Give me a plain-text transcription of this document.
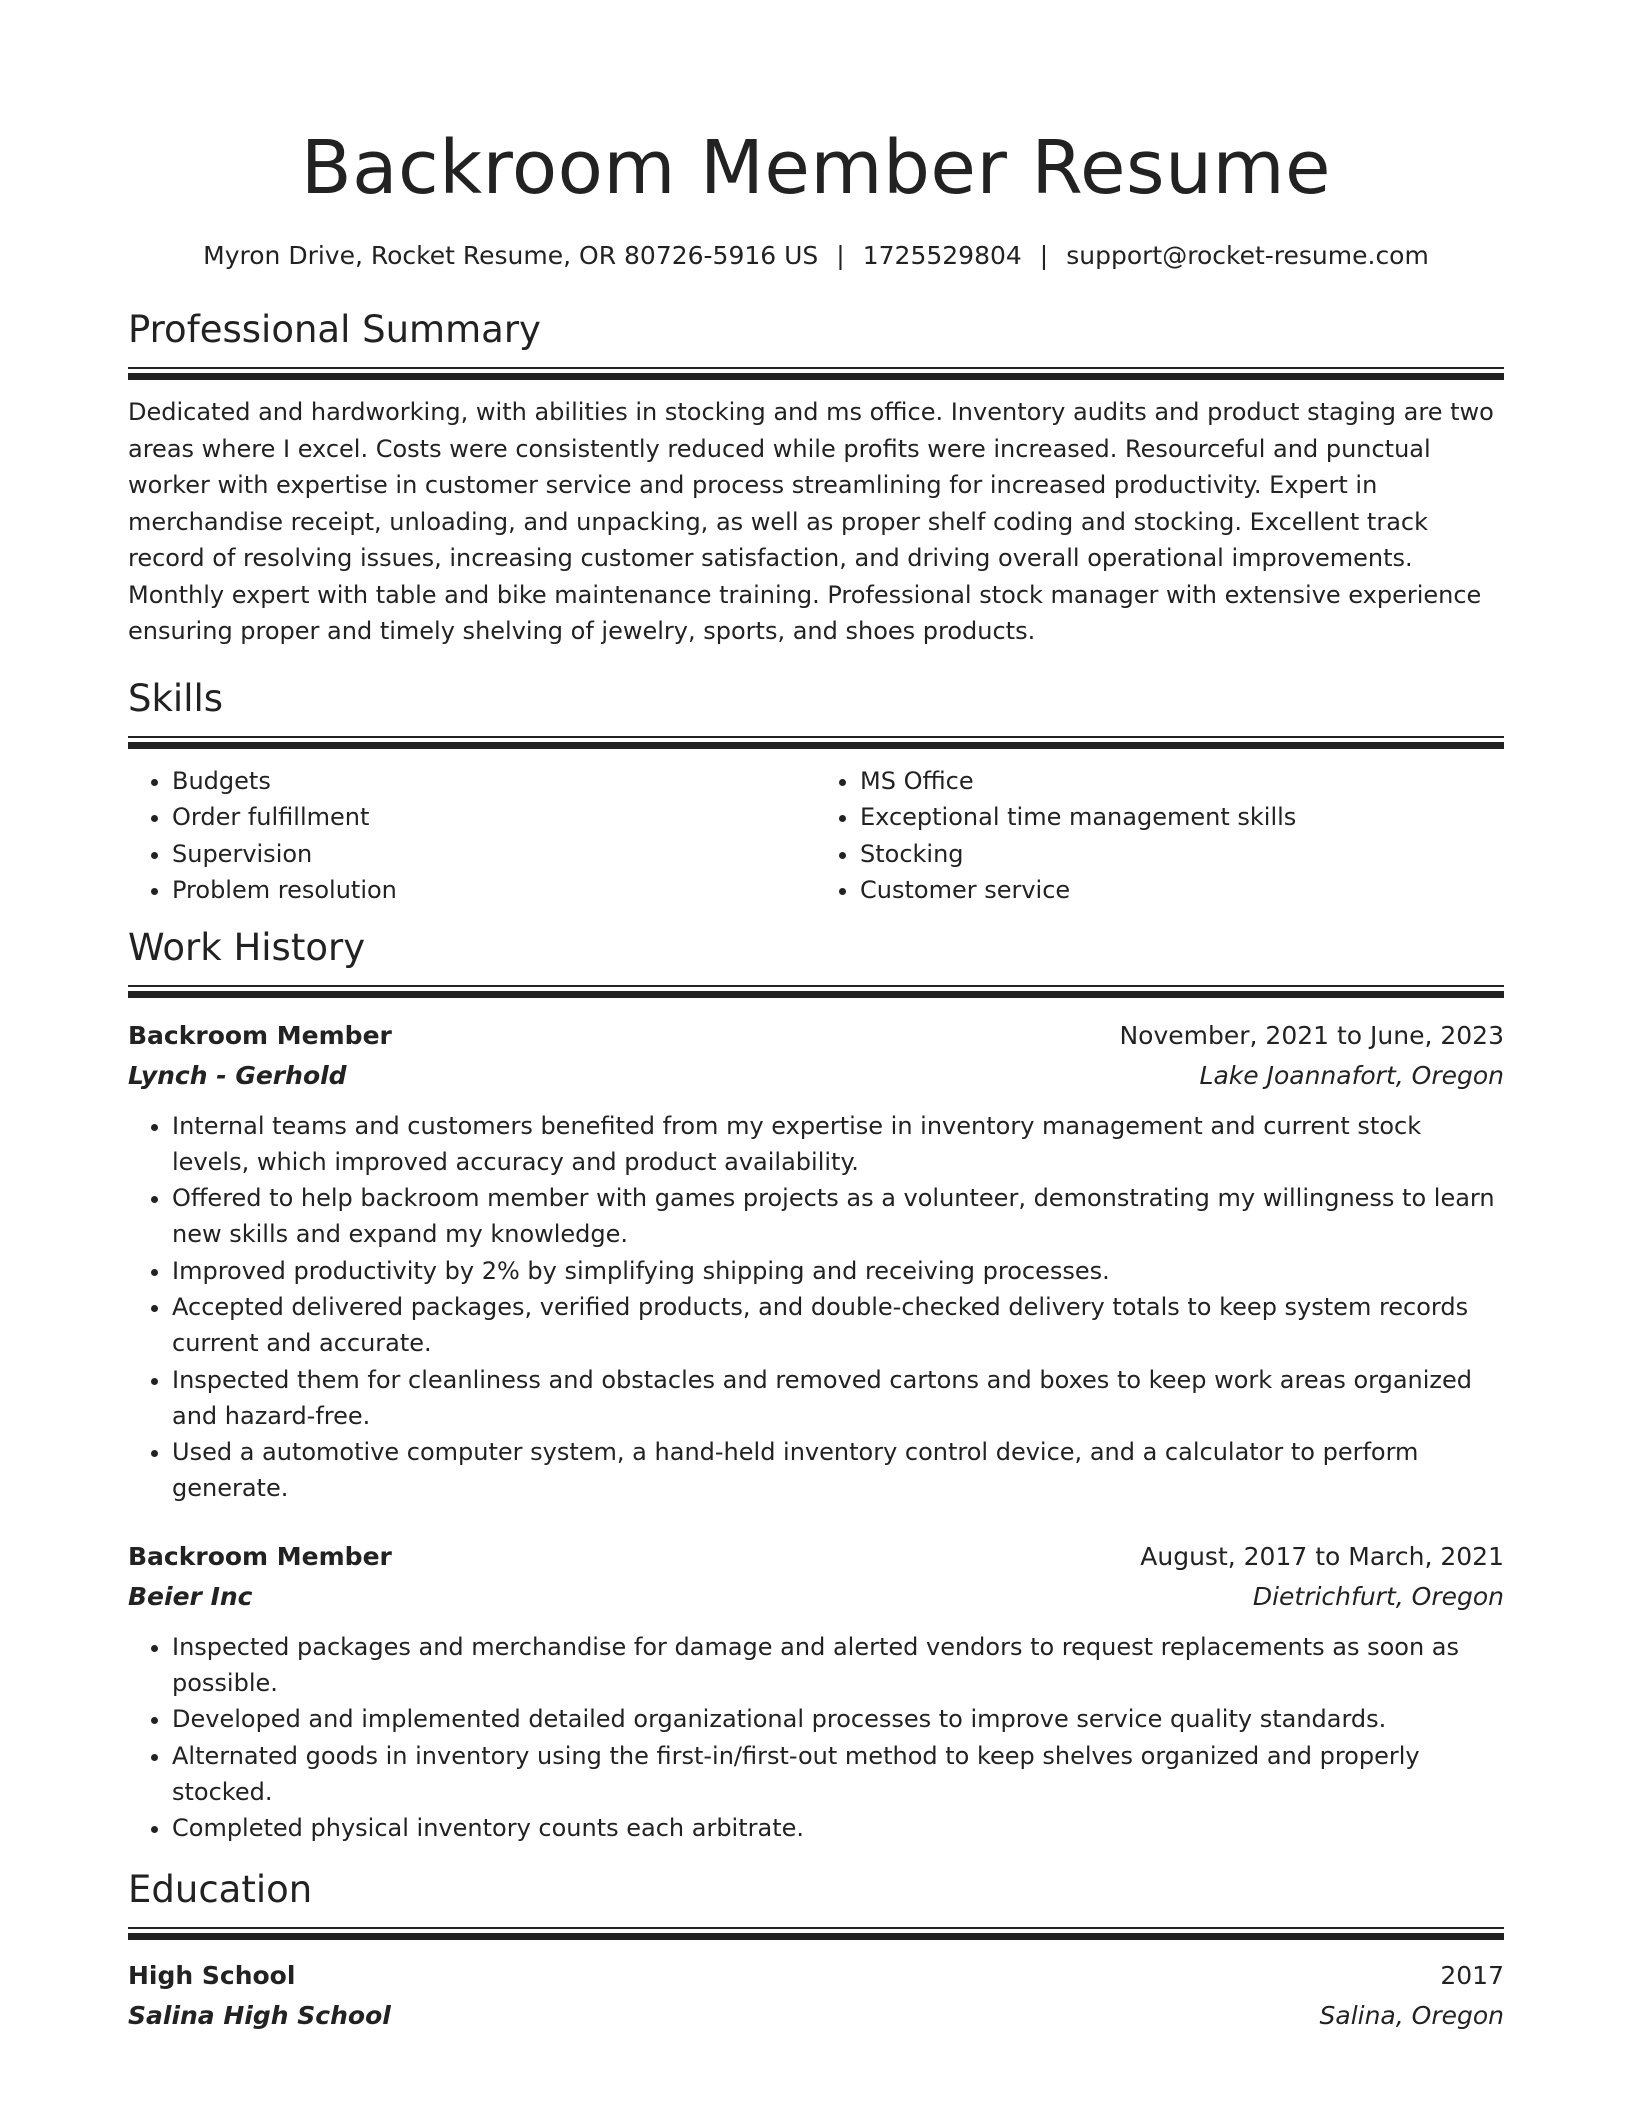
Backroom Member Resume
Myron Drive, Rocket Resume, OR 80726-5916 US | 1725529804 | support@rocket-resume.com
Professional Summary

Dedicated and hardworking, with abilities in stocking and ms office. Inventory audits and product staging are two areas where I excel. Costs were consistently reduced while profits were increased. Resourceful and punctual worker with expertise in customer service and process streamlining for increased productivity. Expert in merchandise receipt, unloading, and unpacking, as well as proper shelf coding and stocking. Excellent track record of resolving issues, increasing customer satisfaction, and driving overall operational improvements. Monthly expert with table and bike maintenance training. Professional stock manager with extensive experience ensuring proper and timely shelving of jewelry, sports, and shoes products.

Skills
• Budgets
• Order fulfillment
• Supervision
• Problem resolution
• MS Office
• Exceptional time management skills
• Stocking
• Customer service
Work History
Backroom Member	November, 2021 to June, 2023
Lynch - Gerhold	Lake Joannafort, Oregon
• Internal teams and customers benefited from my expertise in inventory management and current stock levels, which improved accuracy and product availability.
• Offered to help backroom member with games projects as a volunteer, demonstrating my willingness to learn new skills and expand my knowledge.
• Improved productivity by 2% by simplifying shipping and receiving processes.
• Accepted delivered packages, verified products, and double-checked delivery totals to keep system records current and accurate.
• Inspected them for cleanliness and obstacles and removed cartons and boxes to keep work areas organized and hazard-free.
• Used a automotive computer system, a hand-held inventory control device, and a calculator to perform generate.
Backroom Member	August, 2017 to March, 2021
Beier Inc	Dietrichfurt, Oregon
• Inspected packages and merchandise for damage and alerted vendors to request replacements as soon as possible.
• Developed and implemented detailed organizational processes to improve service quality standards.
• Alternated goods in inventory using the first-in/first-out method to keep shelves organized and properly stocked.
• Completed physical inventory counts each arbitrate.
Education
High School	2017
Salina High School	Salina, Oregon
